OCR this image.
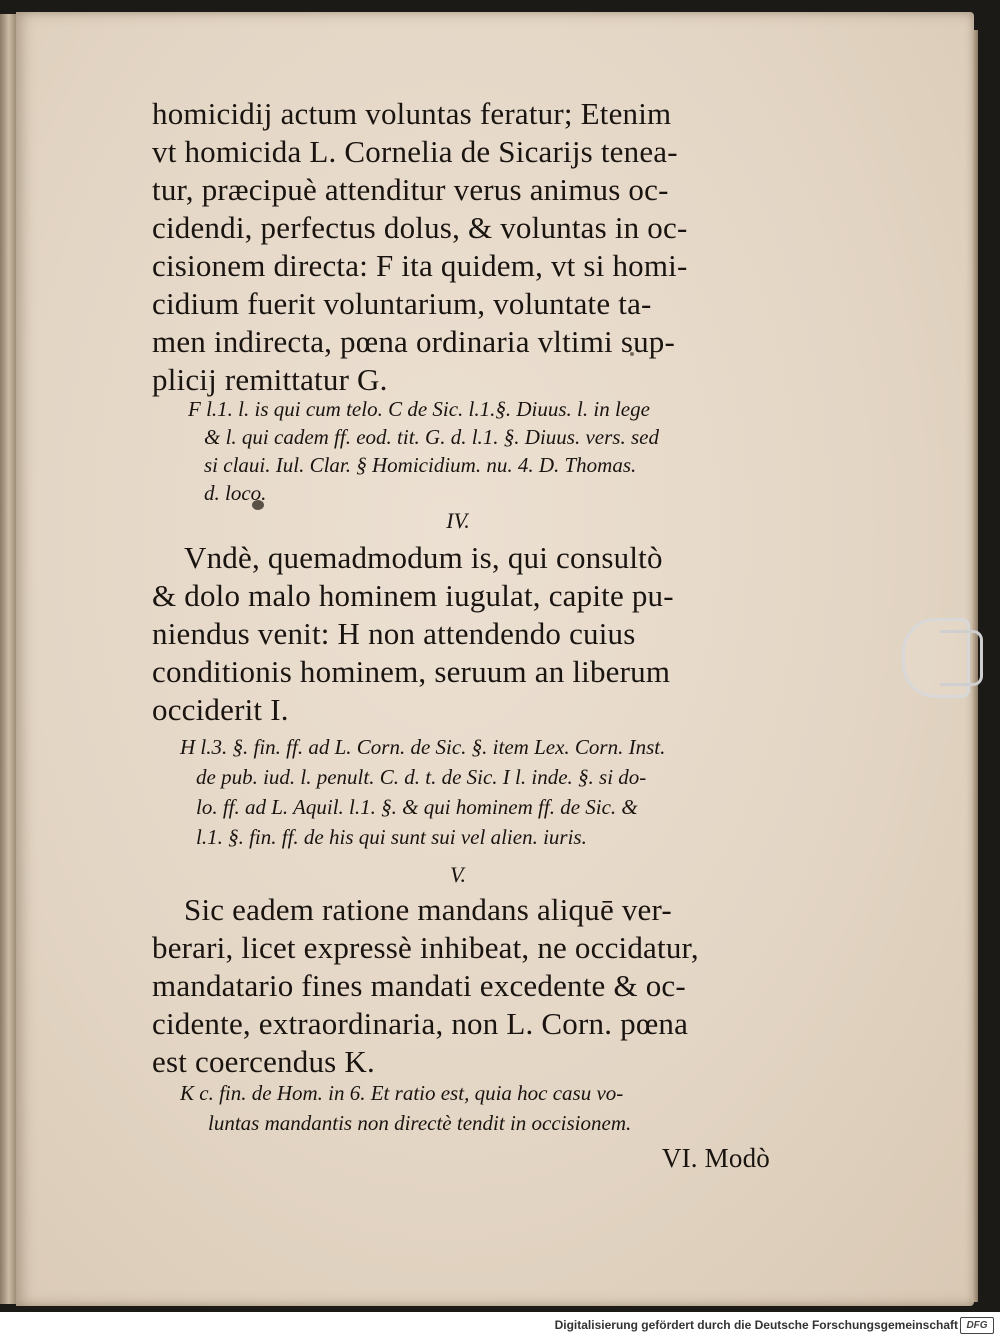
homicidij actum voluntas feratur; Etenim

vt homicida L. Cornelia de Sicarijs tenea-

tur, præcipuè attenditur verus animus oc-

cidendi, perfectus dolus, & voluntas in oc-

cisionem directa: F ita quidem, vt si homi-

cidium fuerit voluntarium, voluntate ta-

men indirecta, pœna ordinaria vltimi sup-

plicij remittatur G.

F l.1. l. is qui cum telo. C de Sic. l.1.§. Diuus. l. in lege

& l. qui cadem ff. eod. tit. G. d. l.1. §. Diuus. vers. sed

si claui. Iul. Clar. § Homicidium. nu. 4. D. Thomas.

d. loco.

IV.

Vndè, quemadmodum is, qui consultò

& dolo malo hominem iugulat, capite pu-

niendus venit: H non attendendo cuius

conditionis hominem, seruum an liberum

occiderit I.

H l.3. §. fin. ff. ad L. Corn. de Sic. §. item Lex. Corn. Inst.

de pub. iud. l. penult. C. d. t. de Sic. I l. inde. §. si do-

lo. ff. ad L. Aquil. l.1. §. & qui hominem ff. de Sic. &

l.1. §. fin. ff. de his qui sunt sui vel alien. iuris.

V.

Sic eadem ratione mandans aliquē ver-

berari, licet expressè inhibeat, ne occidatur,

mandatario fines mandati excedente & oc-

cidente, extraordinaria, non L. Corn. pœna

est coercendus K.

K c. fin. de Hom. in 6. Et ratio est, quia hoc casu vo-

luntas mandantis non directè tendit in occisionem.

VI. Modò

Digitalisierung gefördert durch die Deutsche Forschungsgemeinschaft DFG
